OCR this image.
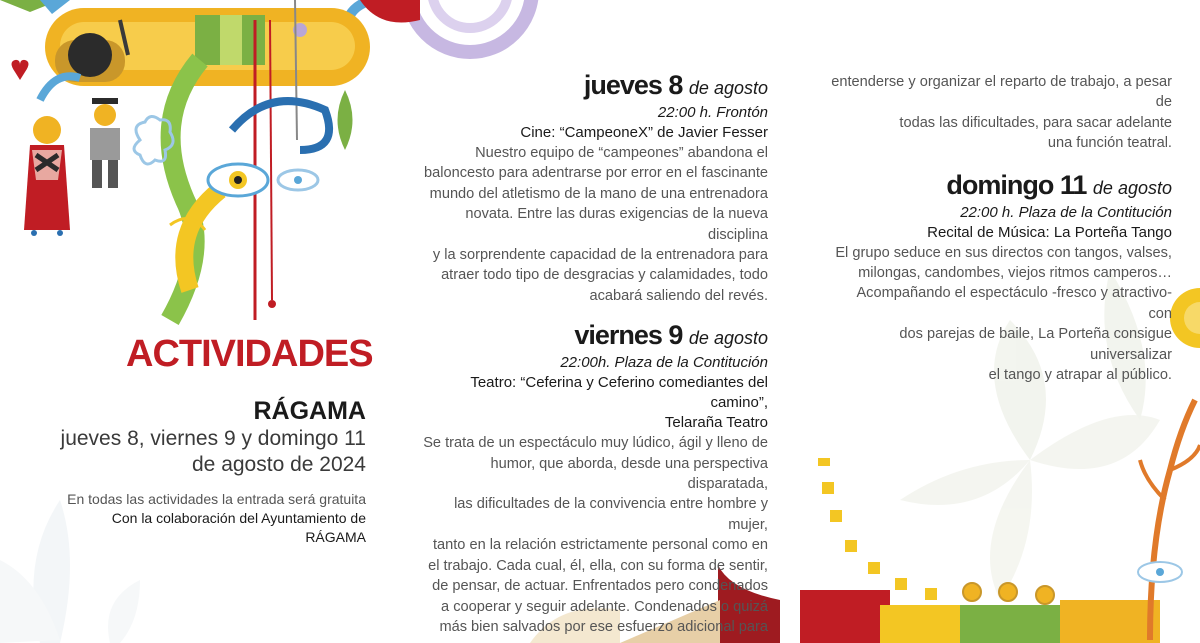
ACTIVIDADES
RÁGAMA
jueves 8, viernes 9 y domingo 11
de agosto de 2024
En todas las actividades la entrada será gratuita
Con la colaboración del Ayuntamiento de
RÁGAMA
jueves 8 de agosto
22:00 h. Frontón
Cine: “CampeoneX” de Javier Fesser
Nuestro equipo de “campeones” abandona el
baloncesto para adentrarse por error en el fascinante
mundo del atletismo de la mano de una entrenadora
novata. Entre las duras exigencias de la nueva disciplina
y la sorprendente capacidad de la entrenadora para
atraer todo tipo de desgracias y calamidades, todo
acabará saliendo del revés.
viernes 9 de agosto
22:00h. Plaza de la Contitución
Teatro: “Ceferina y Ceferino comediantes del camino”,
Telaraña Teatro
Se trata de un espectáculo muy lúdico, ágil y lleno de
humor, que aborda, desde una perspectiva disparatada,
las dificultades de la convivencia entre hombre y mujer,
tanto en la relación estrictamente personal como en
el trabajo. Cada cual, él, ella, con su forma de sentir,
de pensar, de actuar. Enfrentados pero condenados
a cooperar y seguir adelante. Condenados o quizá
más bien salvados por ese esfuerzo adicional para
entenderse y organizar el reparto de trabajo, a pesar de
todas las dificultades, para sacar adelante
una función teatral.
domingo 11 de agosto
22:00 h. Plaza de la Contitución
Recital de Música: La Porteña Tango
El grupo seduce en sus directos con tangos, valses,
milongas, candombes, viejos ritmos camperos…
Acompañando el espectáculo -fresco y atractivo- con
dos parejas de baile, La Porteña consigue universalizar
el tango y atrapar al público.
